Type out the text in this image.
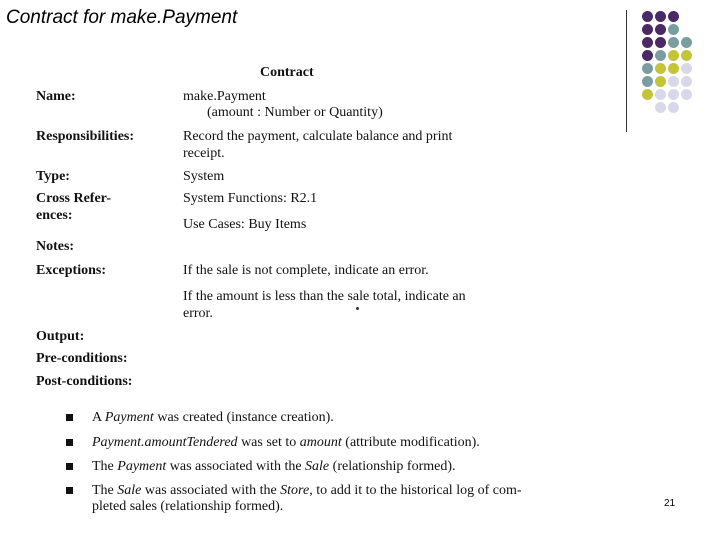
Contract for make.Payment
Contract
Name:	make.Payment
(amount : Number or Quantity)
Responsibilities:	Record the payment, calculate balance and print
receipt.
Type:	System
Cross Refer-
ences:
System Functions: R2.1
Use Cases: Buy Items
Notes:
Exceptions:	If the sale is not complete, indicate an error.
If the amount is less than the sale total, indicate an
error.
Output:
Pre-conditions:
Post-conditions:
A Payment was created (instance creation).
Payment.amountTendered was set to amount (attribute modification).
The Payment was associated with the Sale (relationship formed).
The Sale was associated with the Store, to add it to the historical log of com-
pleted sales (relationship formed).	21
